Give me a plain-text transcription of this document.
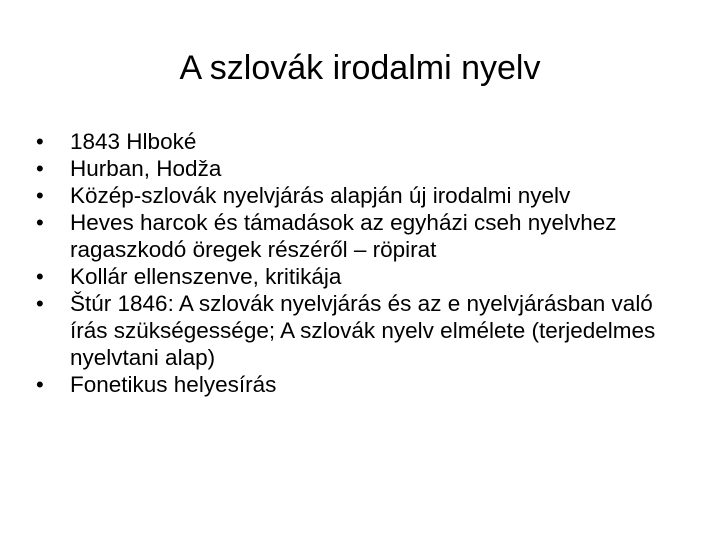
A szlovák irodalmi nyelv
•	1843 Hlboké
•	Hurban, Hodža
•	Közép-szlovák nyelvjárás alapján új irodalmi nyelv
•	Heves harcok és támadások az egyházi cseh nyelvhez ragaszkodó öregek részéről – röpirat
•	Kollár ellenszenve, kritikája
•	Štúr 1846: A szlovák nyelvjárás és az e nyelvjárásban való írás szükségessége; A szlovák nyelv elmélete (terjedelmes nyelvtani alap)
•	Fonetikus helyesírás
